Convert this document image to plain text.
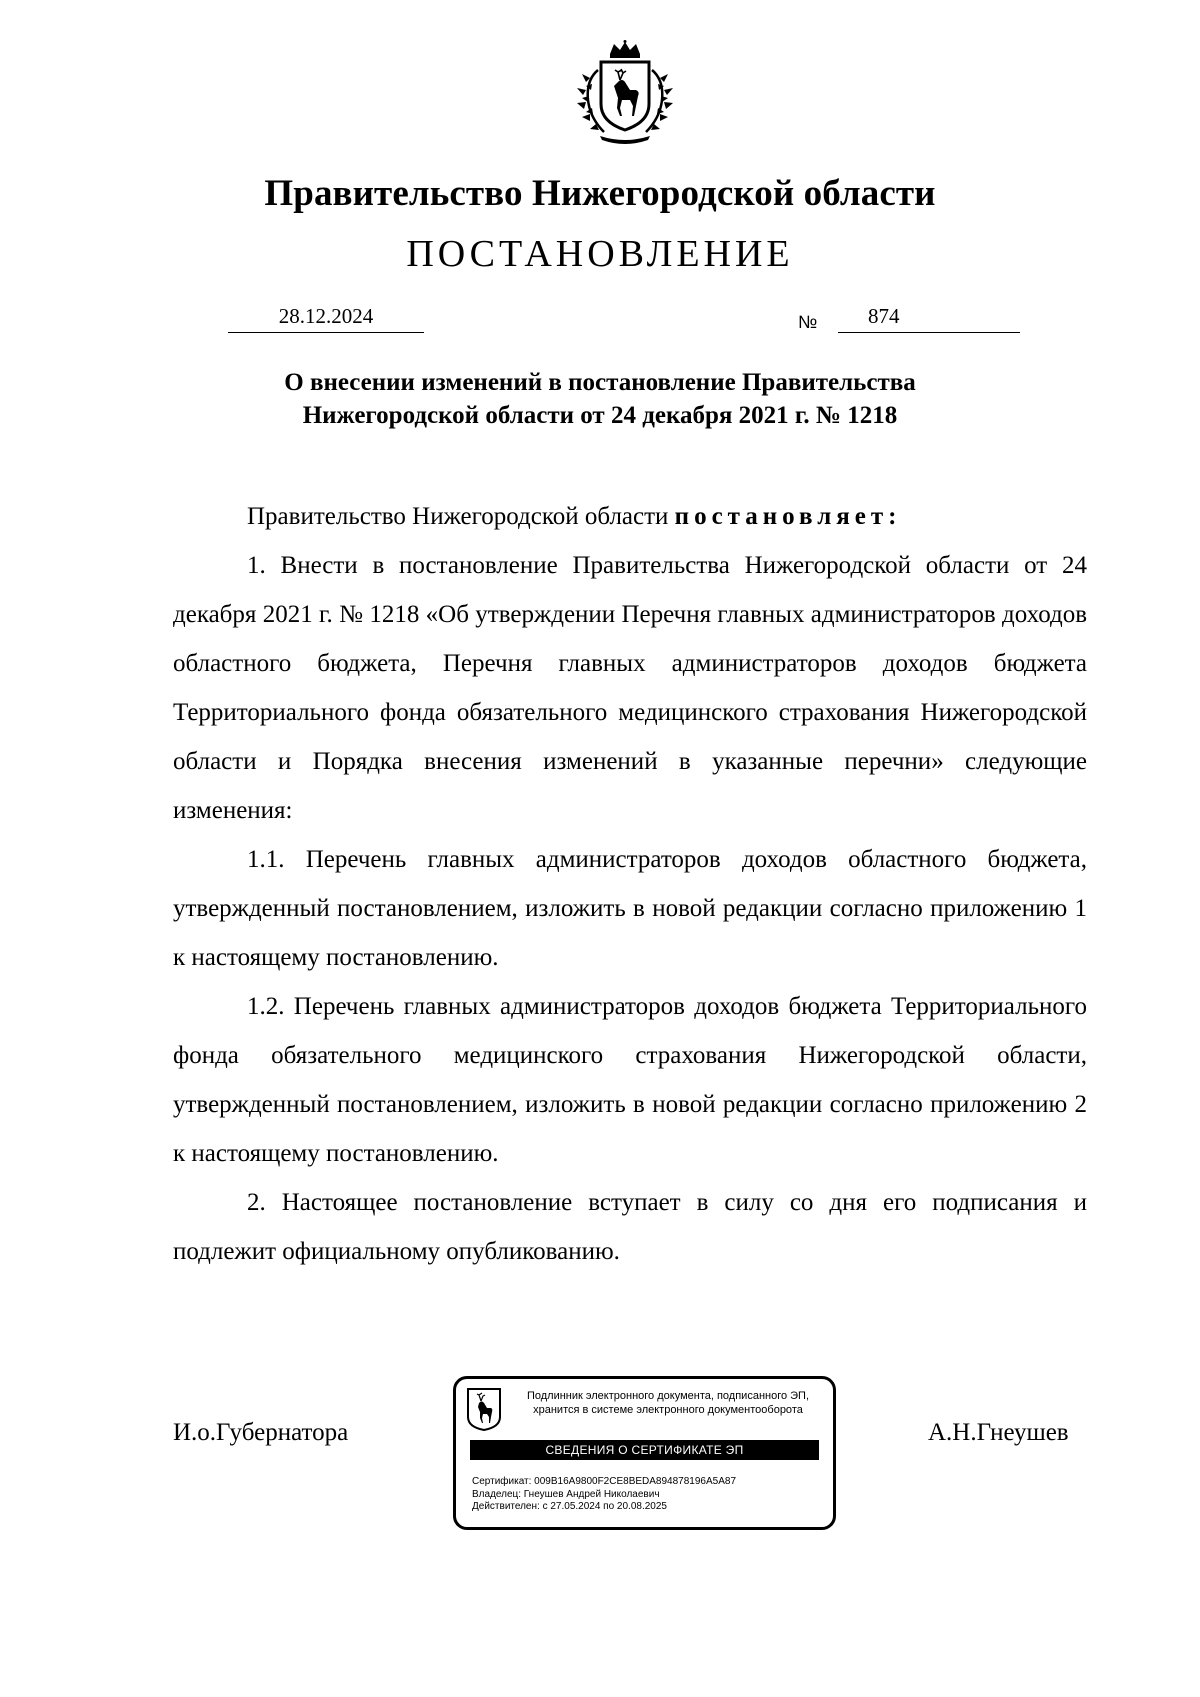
Правительство Нижегородской области
ПОСТАНОВЛЕНИЕ
28.12.2024	№	874
О внесении изменений в постановление Правительства
Нижегородской области от 24 декабря 2021 г. № 1218

Правительство Нижегородской области постановляет:

1. Внести в постановление Правительства Нижегородской области от 24 декабря 2021 г. № 1218 «Об утверждении Перечня главных администраторов доходов областного бюджета, Перечня главных администраторов доходов бюджета Территориального фонда обязательного медицинского страхования Нижегородской области и Порядка внесения изменений в указанные перечни» следующие изменения:

1.1. Перечень главных администраторов доходов областного бюджета, утвержденный постановлением, изложить в новой редакции согласно приложению 1 к настоящему постановлению.

1.2. Перечень главных администраторов доходов бюджета Территориального фонда обязательного медицинского страхования Нижегородской области, утвержденный постановлением, изложить в новой редакции согласно приложению 2 к настоящему постановлению.

2. Настоящее постановление вступает в силу со дня его подписания и подлежит официальному опубликованию.

И.о.Губернатора	А.Н.Гнеушев
Подлинник электронного документа, подписанного ЭП,
хранится в системе электронного документооборота
СВЕДЕНИЯ О СЕРТИФИКАТЕ ЭП
Сертификат: 009B16A9800F2CE8BEDA894878196A5A87
Владелец: Гнеушев Андрей Николаевич
Действителен: с 27.05.2024 по 20.08.2025
